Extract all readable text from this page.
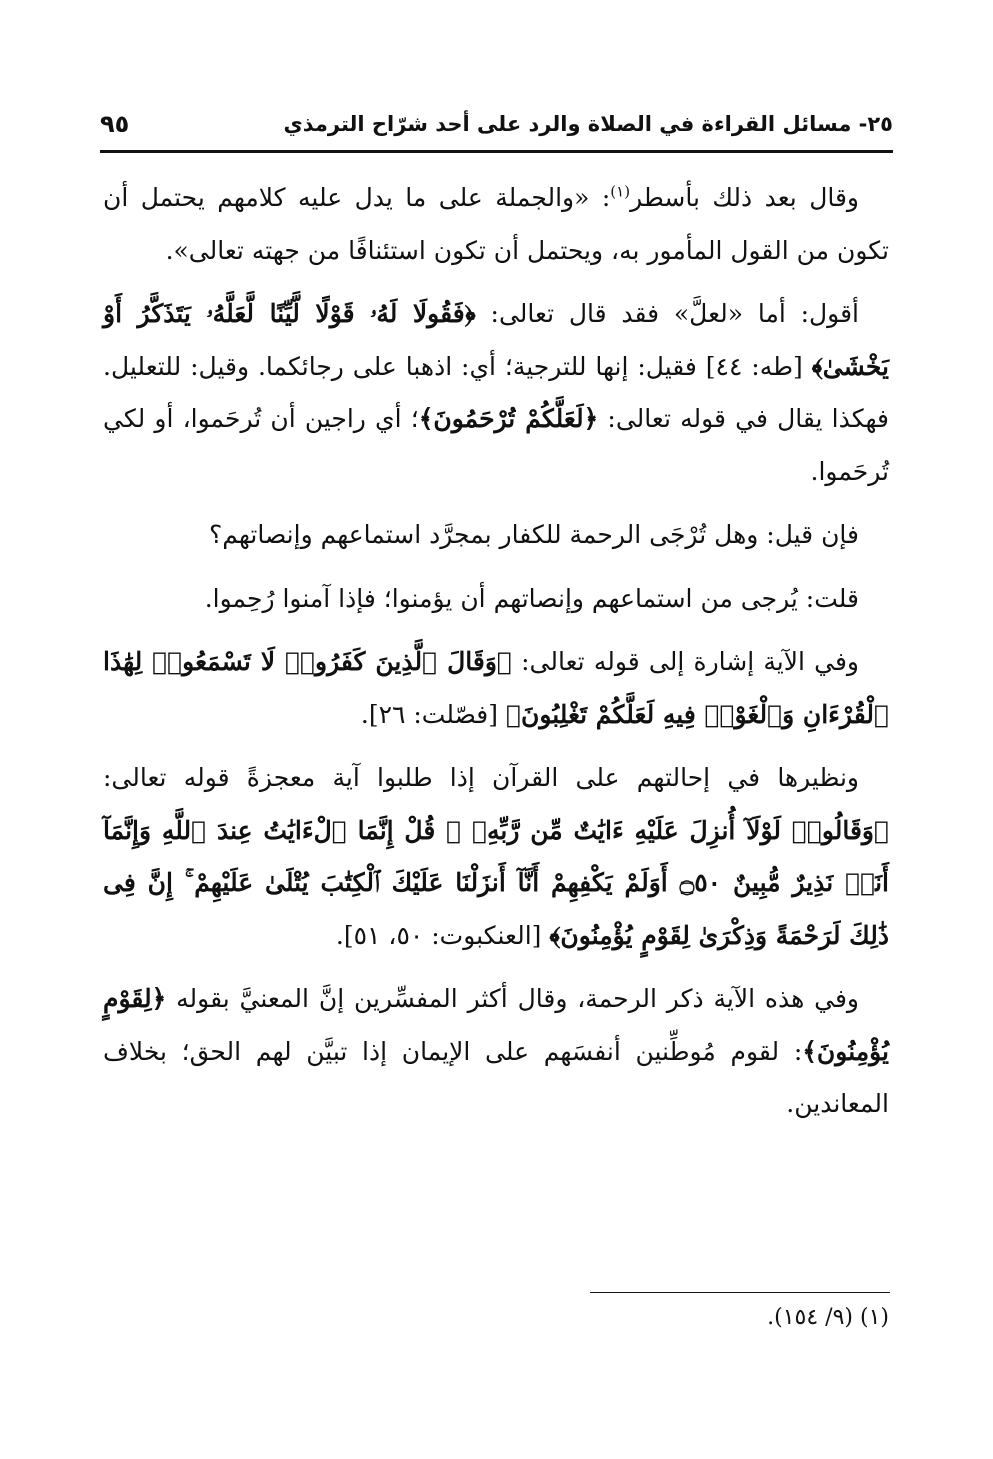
٢٥- مسائل القراءة في الصلاة والرد على أحد شرّاح الترمذي
٩٥

وقال بعد ذلك بأسطر$^{(١)}$: «والجملة على ما يدل عليه كلامهم يحتمل أن تكون من القول المأمور به، ويحتمل أن تكون استئنافًا من جهته تعالى».

أقول: أما «لعلَّ» فقد قال تعالى: ﴿فَقُولَا لَهُۥ قَوْلًا لَّيِّنًا لَّعَلَّهُۥ يَتَذَكَّرُ أَوْ يَخْشَىٰ﴾ [طه: ٤٤] فقيل: إنها للترجية؛ أي: اذهبا على رجائكما. وقيل: للتعليل. فهكذا يقال في قوله تعالى: ﴿لَعَلَّكُمْ تُرْحَمُونَ﴾؛ أي راجين أن تُرحَموا، أو لكي تُرحَموا.

فإن قيل: وهل تُرْجَى الرحمة للكفار بمجرَّد استماعهم وإنصاتهم؟

قلت: يُرجى من استماعهم وإنصاتهم أن يؤمنوا؛ فإذا آمنوا رُحِموا.

وفي الآية إشارة إلى قوله تعالى: ﴿وَقَالَ ٱلَّذِينَ كَفَرُوا۟ لَا تَسْمَعُوا۟ لِهَٰذَا ٱلْقُرْءَانِ وَٱلْغَوْا۟ فِيهِ لَعَلَّكُمْ تَغْلِبُونَ﴾ [فصّلت: ٢٦].

ونظيرها في إحالتهم على القرآن إذا طلبوا آية معجزةً قوله تعالى: ﴿وَقَالُوا۟ لَوْلَآ أُنزِلَ عَلَيْهِ ءَايَٰتٌ مِّن رَّبِّهِۦ ۖ قُلْ إِنَّمَا ٱلْءَايَٰتُ عِندَ ٱللَّهِ وَإِنَّمَآ أَنَا۠ نَذِيرٌ مُّبِينٌ ۝٥٠ أَوَلَمْ يَكْفِهِمْ أَنَّآ أَنزَلْنَا عَلَيْكَ ٱلْكِتَٰبَ يُتْلَىٰ عَلَيْهِمْ ۚ إِنَّ فِى ذَٰلِكَ لَرَحْمَةً وَذِكْرَىٰ لِقَوْمٍ يُؤْمِنُونَ﴾ [العنكبوت: ٥٠، ٥١].

وفي هذه الآية ذكر الرحمة، وقال أكثر المفسِّرين إنَّ المعنيَّ بقوله ﴿لِقَوْمٍ يُؤْمِنُونَ﴾: لقوم مُوطِّنين أنفسَهم على الإيمان إذا تبيَّن لهم الحق؛ بخلاف المعاندين.

(١) (٩/ ١٥٤).
